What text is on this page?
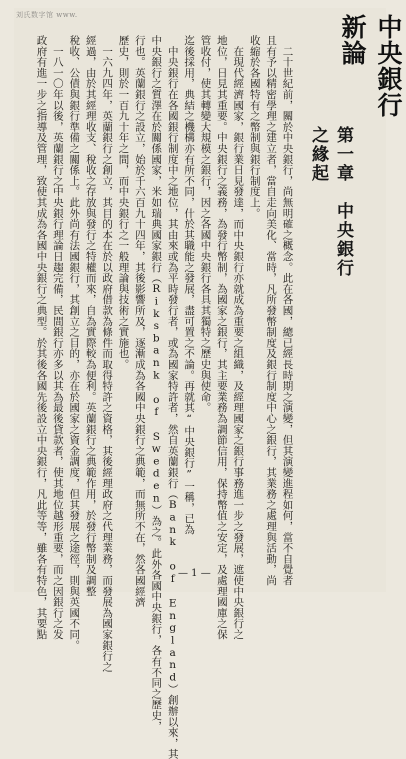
刘氏数字馆 www.	中央銀行新論
第一章　中央銀行之緣起
　　二十世紀前，關於中央銀行，尚無明確之概念。此在各國，總已經長時期之演變，但其演變進程如何，當不自覺者
　且有予以精密學理之建立者，當自走向美化、當時，凡所發幣制度及銀行制度中心之銀行，其業務之處理與活動，尚
　收縮於各國特有之幣制與銀行制度上。
　　在現代經濟國家，銀行業日見發達，而中央銀行亦就成為重要之組織，及經理國家之銀行事務進一步之發展，遮使中央銀行之
　地位，日見其重要。中央銀行之義務，為發行幣制，為國家之銀行，其主要業務為調節信用，保持幣值之安定，及處理國庫之保
　管收付，使其轉變大規模之銀行，因之各國中央銀行各具其獨特之歷史與使命。
　迄後採用，典結之機構亦有所不同，什於其職能之發展，盡可置之不論。再就其“中央銀行”一稱，已為
　　中央銀行在各國銀行制度中之地位，其由來或為平時發行者，或為國家特許者，然自英蘭銀行（Bank of England）創辦以來，其
　中央銀行之質澤在於關係國家，米如瑞典國家銀行（Riksbank of Sweden）為之。此外各國中央銀行，各有不同之歷史，
　行也。英蘭銀行之設立，始於千六百九十四年，其後影響所及，逐漸成為各國中央銀行之典範，而無所不在，然各國經濟
　歷史，則於一百九十年之間，而中央銀行之一般理論與技術之實施也。
　　一六九四年，英蘭銀行之創立，其目的本在於以政府借款為條件而取得特許之資格，其後經理政府之代理業務，而發展為國家銀行之
　經過，由於其經理收支、稅收之存放與發行之特權而來，自為實際較為便利。英蘭銀行之典範作用，於發行幣制及調整
　稅收、公債與銀行準備之關係上。此外尚有法國銀行，其創立之目的，亦在於國家之資金調度，但其發展之途徑，則與英國不同。
　　一八一〇年以後，英蘭銀行之中央銀行理論日趨完備，民間銀行亦多以其為最後貸款者，使其地位越形重要，而之因銀行之发
　政府有進一步之指導及管理，致使其成為各國中央銀行之典型。於其後各國先後設立中央銀行，凡此等等，雖各有特色，其要點	— 1 —
